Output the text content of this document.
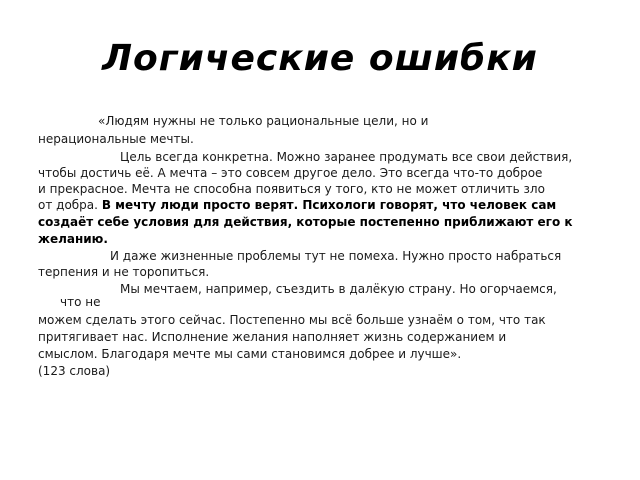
Логические ошибки
«Людям нужны не только рациональные цели, но и
нерациональные мечты.
Цель всегда конкретна. Можно заранее продумать все свои действия,
чтобы достичь её. А мечта – это совсем другое дело. Это всегда что-то доброе
и прекрасное. Мечта не способна появиться у того, кто не может отличить зло
от добра. В мечту люди просто верят. Психологи говорят, что человек сам
создаёт себе условия для действия, которые постепенно приближают его к
желанию.
И даже жизненные проблемы тут не помеха. Нужно просто набраться
терпения и не торопиться.
Мы мечтаем, например, съездить в далёкую страну. Но огорчаемся,
что не
можем сделать этого сейчас. Постепенно мы всё больше узнаём о том, что так
притягивает нас. Исполнение желания наполняет жизнь содержанием и
смыслом. Благодаря мечте мы сами становимся добрее и лучше».
(123 слова)
